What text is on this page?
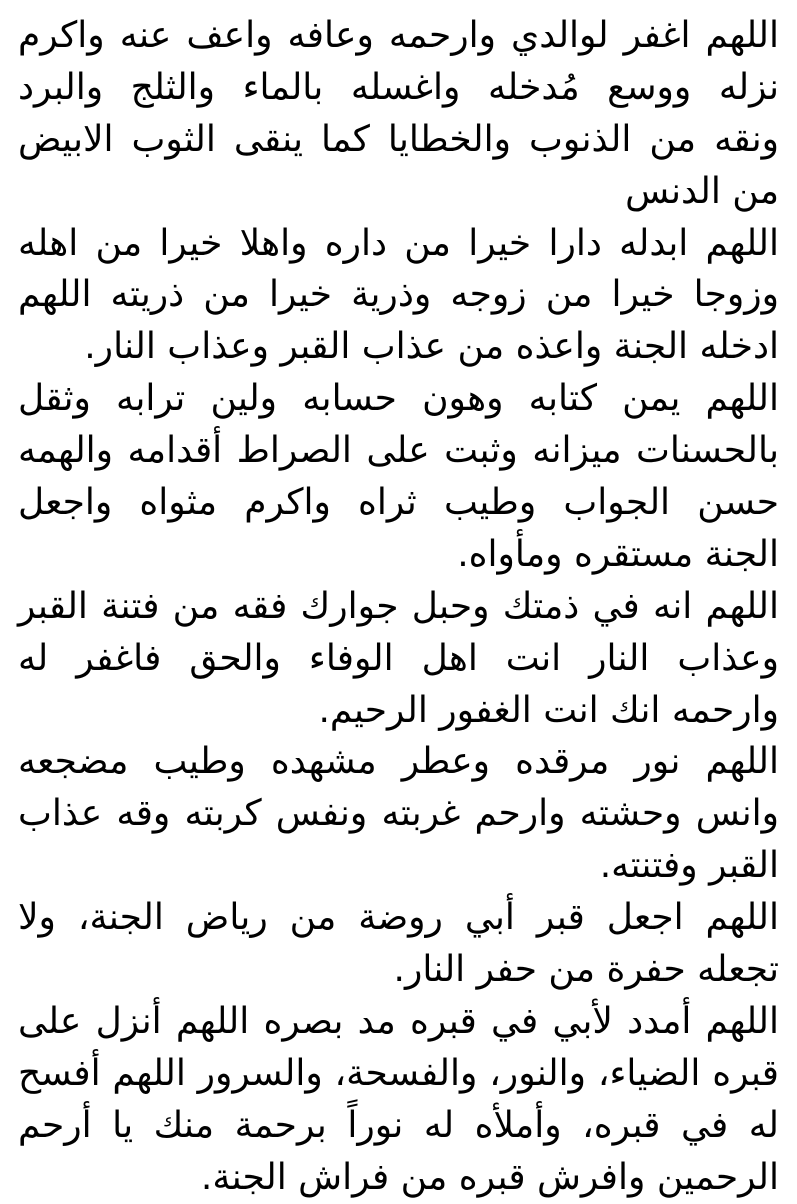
اللهم اغفر لوالدي وارحمه وعافه واعف عنه واكرم
نزله ووسع مُدخله واغسله بالماء والثلج والبرد
ونقه من الذنوب والخطايا كما ينقى الثوب الابيض
من الدنس
اللهم ابدله دارا خيرا من داره واهلا خيرا من اهله
وزوجا خيرا من زوجه وذرية خيرا من ذريته اللهم
ادخله الجنة واعذه من عذاب القبر وعذاب النار.
اللهم يمن كتابه وهون حسابه ولين ترابه وثقل
بالحسنات ميزانه وثبت على الصراط أقدامه والهمه
حسن الجواب وطيب ثراه واكرم مثواه واجعل
الجنة مستقره ومأواه.
اللهم انه في ذمتك وحبل جوارك فقه من فتنة القبر
وعذاب النار انت اهل الوفاء والحق فاغفر له
وارحمه انك انت الغفور الرحيم.
اللهم نور مرقده وعطر مشهده وطيب مضجعه
وانس وحشته وارحم غربته ونفس كربته وقه عذاب
القبر وفتنته.
اللهم اجعل قبر أبي روضة من رياض الجنة، ولا
تجعله حفرة من حفر النار.
اللهم أمدد لأبي في قبره مد بصره اللهم أنزل على
قبره الضياء، والنور، والفسحة، والسرور اللهم أفسح
له في قبره، وأملأه له نوراً برحمة منك يا أرحم
الرحمين وافرش قبره من فراش الجنة.
